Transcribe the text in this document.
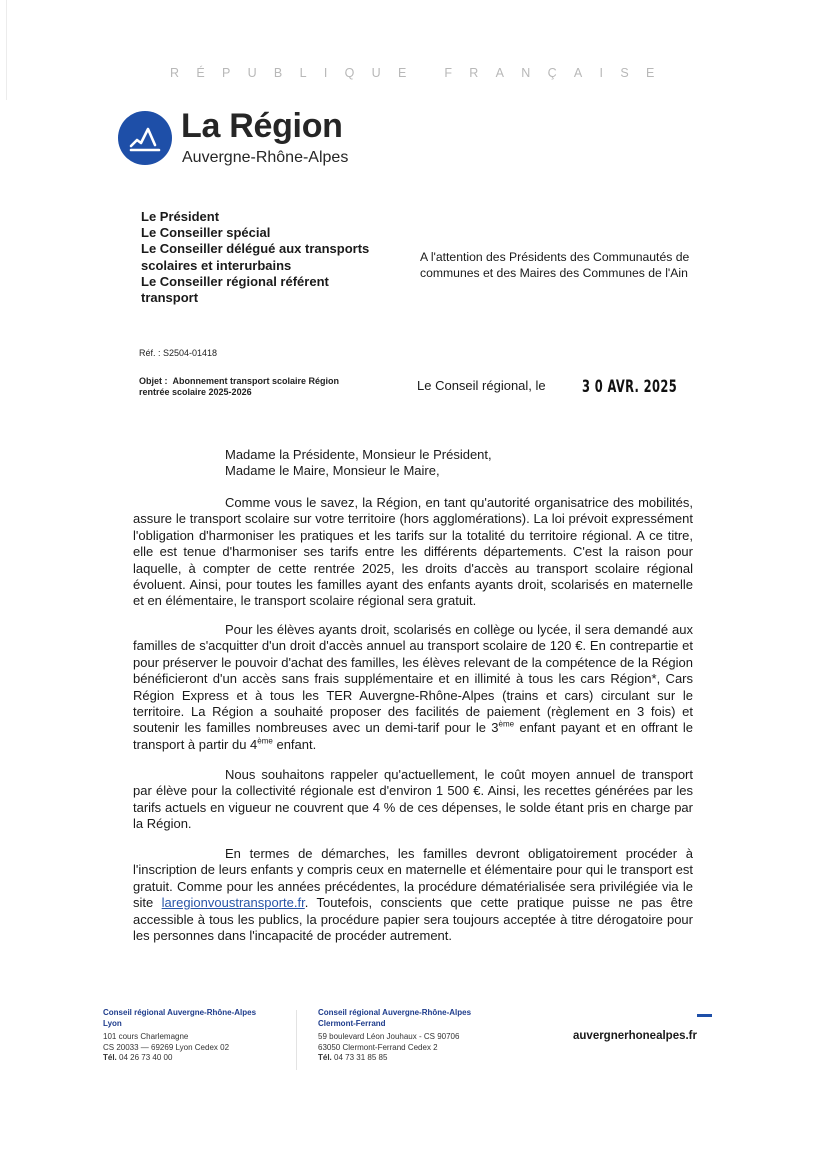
RÉPUBLIQUE FRANÇAISE
La Région
Auvergne-Rhône-Alpes
Le Président
Le Conseiller spécial
Le Conseiller délégué aux transports
scolaires et interurbains
Le Conseiller régional référent
transport
A l'attention des Présidents des Communautés de
communes et des Maires des Communes de l'Ain
Réf. : S2504-01418
Objet : Abonnement transport scolaire Région
rentrée scolaire 2025-2026	Le Conseil régional, le 3 0 AVR. 2025
Madame la Présidente, Monsieur le Président,
Madame le Maire, Monsieur le Maire,

Comme vous le savez, la Région, en tant qu'autorité organisatrice des mobilités, assure le transport scolaire sur votre territoire (hors agglomérations). La loi prévoit expressément l'obligation d'harmoniser les pratiques et les tarifs sur la totalité du territoire régional. A ce titre, elle est tenue d'harmoniser ses tarifs entre les différents départements. C'est la raison pour laquelle, à compter de cette rentrée 2025, les droits d'accès au transport scolaire régional évoluent. Ainsi, pour toutes les familles ayant des enfants ayants droit, scolarisés en maternelle et en élémentaire, le transport scolaire régional sera gratuit.

Pour les élèves ayants droit, scolarisés en collège ou lycée, il sera demandé aux familles de s'acquitter d'un droit d'accès annuel au transport scolaire de 120 €. En contrepartie et pour préserver le pouvoir d'achat des familles, les élèves relevant de la compétence de la Région bénéficieront d'un accès sans frais supplémentaire et en illimité à tous les cars Région*, Cars Région Express et à tous les TER Auvergne-Rhône-Alpes (trains et cars) circulant sur le territoire. La Région a souhaité proposer des facilités de paiement (règlement en 3 fois) et soutenir les familles nombreuses avec un demi-tarif pour le 3ème enfant payant et en offrant le transport à partir du 4ème enfant.

Nous souhaitons rappeler qu'actuellement, le coût moyen annuel de transport par élève pour la collectivité régionale est d'environ 1 500 €. Ainsi, les recettes générées par les tarifs actuels en vigueur ne couvrent que 4 % de ces dépenses, le solde étant pris en charge par la Région.

En termes de démarches, les familles devront obligatoirement procéder à l'inscription de leurs enfants y compris ceux en maternelle et élémentaire pour qui le transport est gratuit. Comme pour les années précédentes, la procédure dématérialisée sera privilégiée via le site laregionvoustransporte.fr. Toutefois, conscients que cette pratique puisse ne pas être accessible à tous les publics, la procédure papier sera toujours acceptée à titre dérogatoire pour les personnes dans l'incapacité de procéder autrement.

Conseil régional Auvergne-Rhône-Alpes
Lyon
101 cours Charlemagne
CS 20033 — 69269 Lyon Cedex 02
Tél. 04 26 73 40 00
Conseil régional Auvergne-Rhône-Alpes
Clermont-Ferrand
59 boulevard Léon Jouhaux - CS 90706
63050 Clermont-Ferrand Cedex 2
Tél. 04 73 31 85 85
auvergnerhonealpes.fr
